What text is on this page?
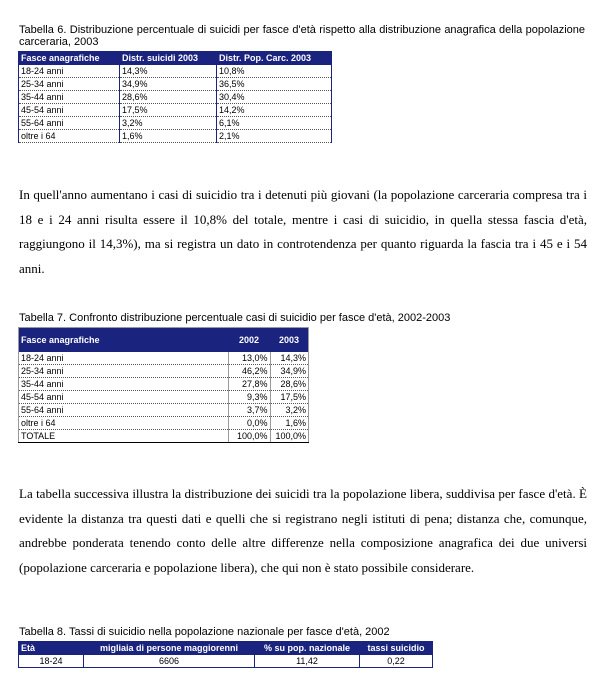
Tabella 6. Distribuzione percentuale di suicidi per fasce d'età rispetto alla distribuzione anagrafica della popolazione carceraria, 2003
Fasce anagrafiche	Distr. suicidi 2003	Distr. Pop. Carc. 2003
18-24 anni	14,3%	10,8%
25-34 anni	34,9%	36,5%
35-44 anni	28,6%	30,4%
45-54 anni	17,5%	14,2%
55-64 anni	3,2%	6,1%
oltre i 64	1,6%	2,1%
In quell'anno aumentano i casi di suicidio tra i detenuti più giovani (la popolazione carceraria compresa tra i 18 e i 24 anni risulta essere il 10,8% del totale, mentre i casi di suicidio, in quella stessa fascia d'età, raggiungono il 14,3%), ma si registra un dato in controtendenza per quanto riguarda la fascia tra i 45 e i 54 anni.
Tabella 7. Confronto distribuzione percentuale casi di suicidio per fasce d'età, 2002-2003
Fasce anagrafiche	2002	2003
18-24 anni	13,0%	14,3%
25-34 anni	46,2%	34,9%
35-44 anni	27,8%	28,6%
45-54 anni	9,3%	17,5%
55-64 anni	3,7%	3,2%
oltre i 64	0,0%	1,6%
TOTALE	100,0%	100,0%
La tabella successiva illustra la distribuzione dei suicidi tra la popolazione libera, suddivisa per fasce d'età. È evidente la distanza tra questi dati e quelli che si registrano negli istituti di pena; distanza che, comunque, andrebbe ponderata tenendo conto delle altre differenze nella composizione anagrafica dei due universi (popolazione carceraria e popolazione libera), che qui non è stato possibile considerare.
Tabella 8. Tassi di suicidio nella popolazione nazionale per fasce d'età, 2002
Età	migliaia di persone maggiorenni	% su pop. nazionale	tassi suicidio
18-24	6606	11,42	0,22
